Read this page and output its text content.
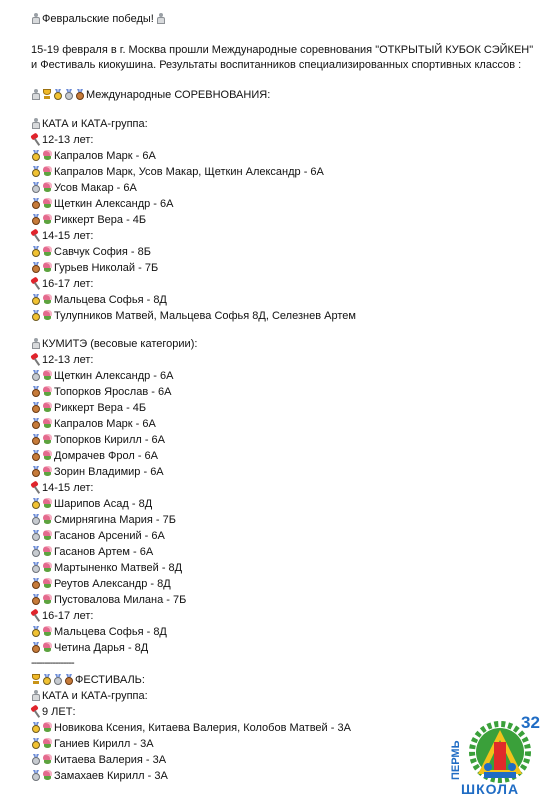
Февральские победы!
15-19 февраля в г. Москва прошли Международные соревнования "ОТКРЫТЫЙ КУБОК СЭЙКЕН" и Фестиваль киокушина. Результаты воспитанников специализированных спортивных классов :
Международные СОРЕВНОВАНИЯ:
КАТА и КАТА-группа:
12-13 лет:
Капралов Марк - 6А
Капралов Марк, Усов Макар, Щеткин Александр - 6А
Усов Макар - 6А
Щеткин Александр - 6А
Риккерт Вера - 4Б
14-15 лет:
Савчук София - 8Б
Гурьев Николай - 7Б
16-17 лет:
Мальцева Софья - 8Д
Тулупников Матвей, Мальцева Софья 8Д, Селезнев Артем
КУМИТЭ (весовые категории):
12-13 лет:
Щеткин Александр - 6А
Топорков Ярослав - 6А
Риккерт Вера - 4Б
Капралов Марк - 6А
Топорков Кирилл - 6А
Домрачев Фрол - 6А
Зорин Владимир - 6А
14-15 лет:
Шарипов Асад - 8Д
Смирнягина Мария - 7Б
Гасанов Арсений - 6А
Гасанов Артем - 6А
Мартыненко Матвей - 8Д
Реутов Александр - 8Д
Пустовалова Милана - 7Б
16-17 лет:
Мальцева Софья - 8Д
Четина Дарья - 8Д
----------------
ФЕСТИВАЛЬ:
КАТА и КАТА-группа:
9 ЛЕТ:
Новикова Ксения, Китаева Валерия, Колобов Матвей - 3А
Ганиев Кирилл - 3А
Китаева Валерия - 3А
Замахаев Кирилл - 3А	ПЕРМЬ
32
ШКОЛА
